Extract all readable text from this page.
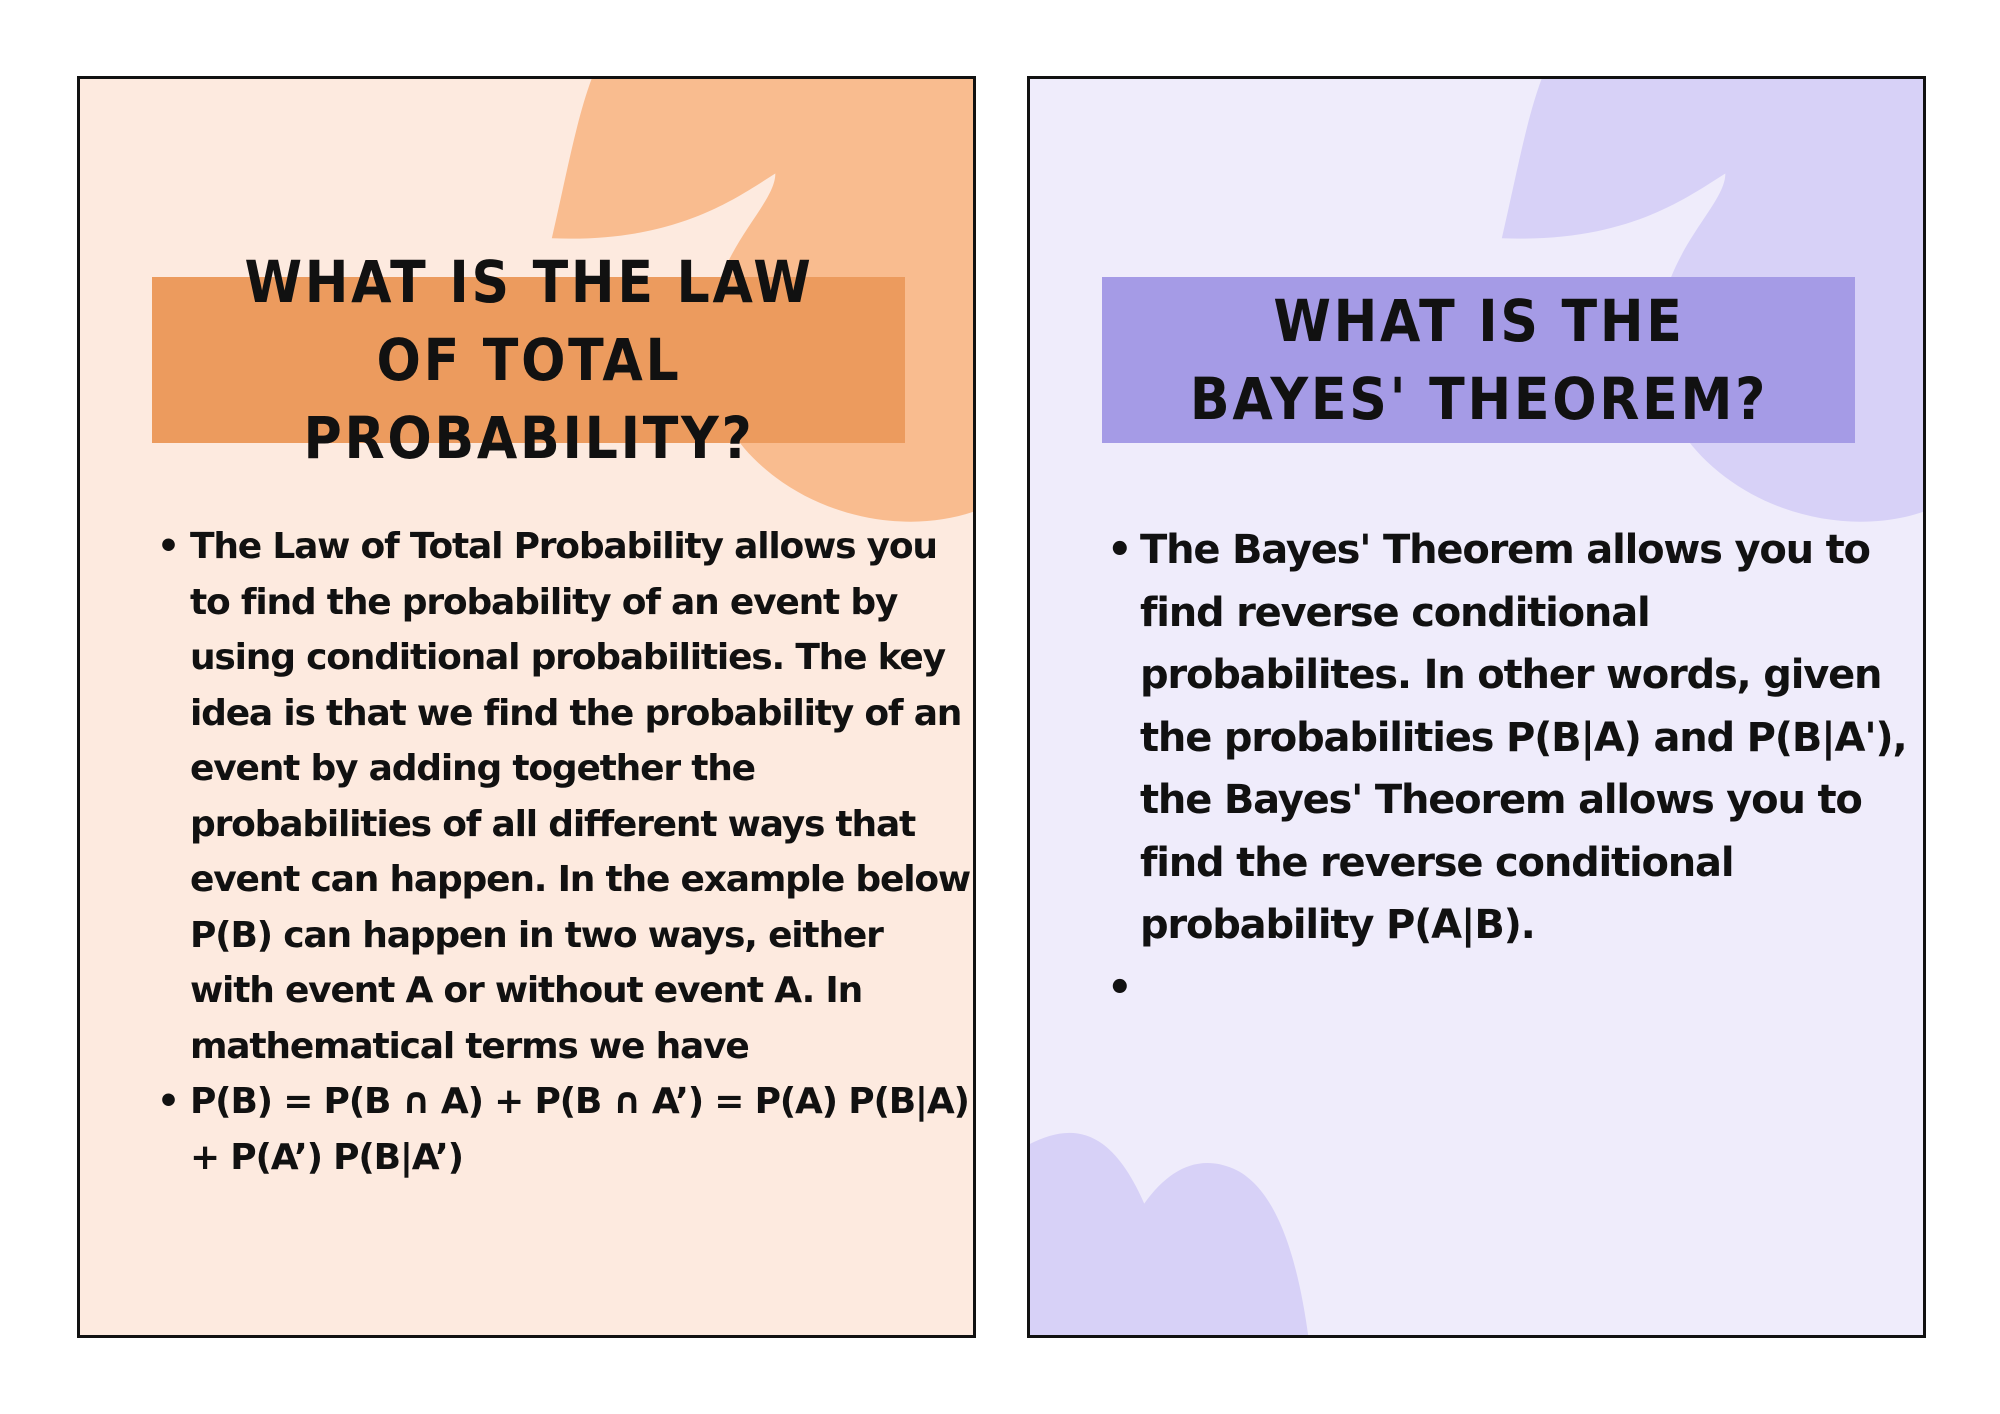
WHAT IS THE LAW OF TOTAL PROBABILITY?
• The Law of Total Probability allows you to find the probability of an event by using conditional probabilities. The key idea is that we find the probability of an event by adding together the probabilities of all different ways that event can happen. In the example below P(B) can happen in two ways, either with event A or without event A. In mathematical terms we have
• P(B) = P(B ∩ A) + P(B ∩ A’) = P(A) P(B|A) + P(A’) P(B|A’)
WHAT IS THE BAYES' THEOREM?
• The Bayes' Theorem allows you to find reverse conditional probabilites. In other words, given the probabilities P(B|A) and P(B|A'), the Bayes' Theorem allows you to find the reverse conditional probability P(A|B).
•
